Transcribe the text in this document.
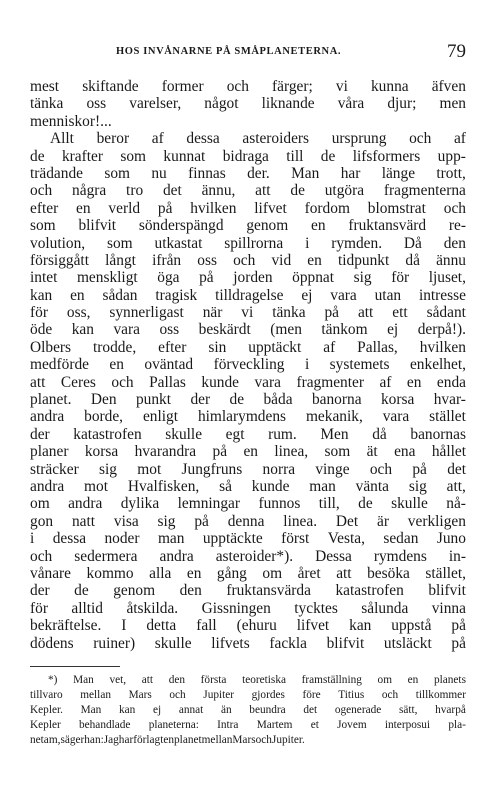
HOS INVÅNARNE PÅ SMÅPLANETERNA.	79
mest skiftande former och färger; vi kunna äfven
tänka oss varelser, något liknande våra djur; men
menniskor! . . .
Allt beror af dessa asteroiders ursprung och af
de krafter som kunnat bidraga till de lifsformers upp-
trädande som nu finnas der. Man har länge trott,
och några tro det ännu, att de utgöra fragmenterna
efter en verld på hvilken lifvet fordom blomstrat och
som blifvit sönderspängd genom en fruktansvärd re-
volution, som utkastat spillrorna i rymden. Då den
försiggått långt ifrån oss och vid en tidpunkt då ännu
intet menskligt öga på jorden öppnat sig för ljuset,
kan en sådan tragisk tilldragelse ej vara utan intresse
för oss, synnerligast när vi tänka på att ett sådant
öde kan vara oss beskärdt (men tänkom ej derpå!).
Olbers trodde, efter sin upptäckt af Pallas, hvilken
medförde en oväntad förveckling i systemets enkelhet,
att Ceres och Pallas kunde vara fragmenter af en enda
planet. Den punkt der de båda banorna korsa hvar-
andra borde, enligt himlarymdens mekanik, vara stället
der katastrofen skulle egt rum. Men då banornas
planer korsa hvarandra på en linea, som ät ena hållet
sträcker sig mot Jungfruns norra vinge och på det
andra mot Hvalfisken, så kunde man vänta sig att,
om andra dylika lemningar funnos till, de skulle nå-
gon natt visa sig på denna linea. Det är verkligen
i dessa noder man upptäckte först Vesta, sedan Juno
och sedermera andra asteroider*). Dessa rymdens in-
vånare kommo alla en gång om året att besöka stället,
der de genom den fruktansvärda katastrofen blifvit
för alltid åtskilda. Gissningen tycktes sålunda vinna
bekräftelse. I detta fall (ehuru lifvet kan uppstå på
dödens ruiner) skulle lifvets fackla blifvit utsläckt på
*) Man vet, att den första teoretiska framställning om en planets
tillvaro mellan Mars och Jupiter gjordes före Titius och tillkommer
Kepler. Man kan ej annat än beundra det ogenerade sätt, hvarpå
Kepler behandlade planeterna: Intra Martem et Jovem interposui pla-
netam, säger han: Jag har förlagt en planet mellan Mars och Jupiter.
